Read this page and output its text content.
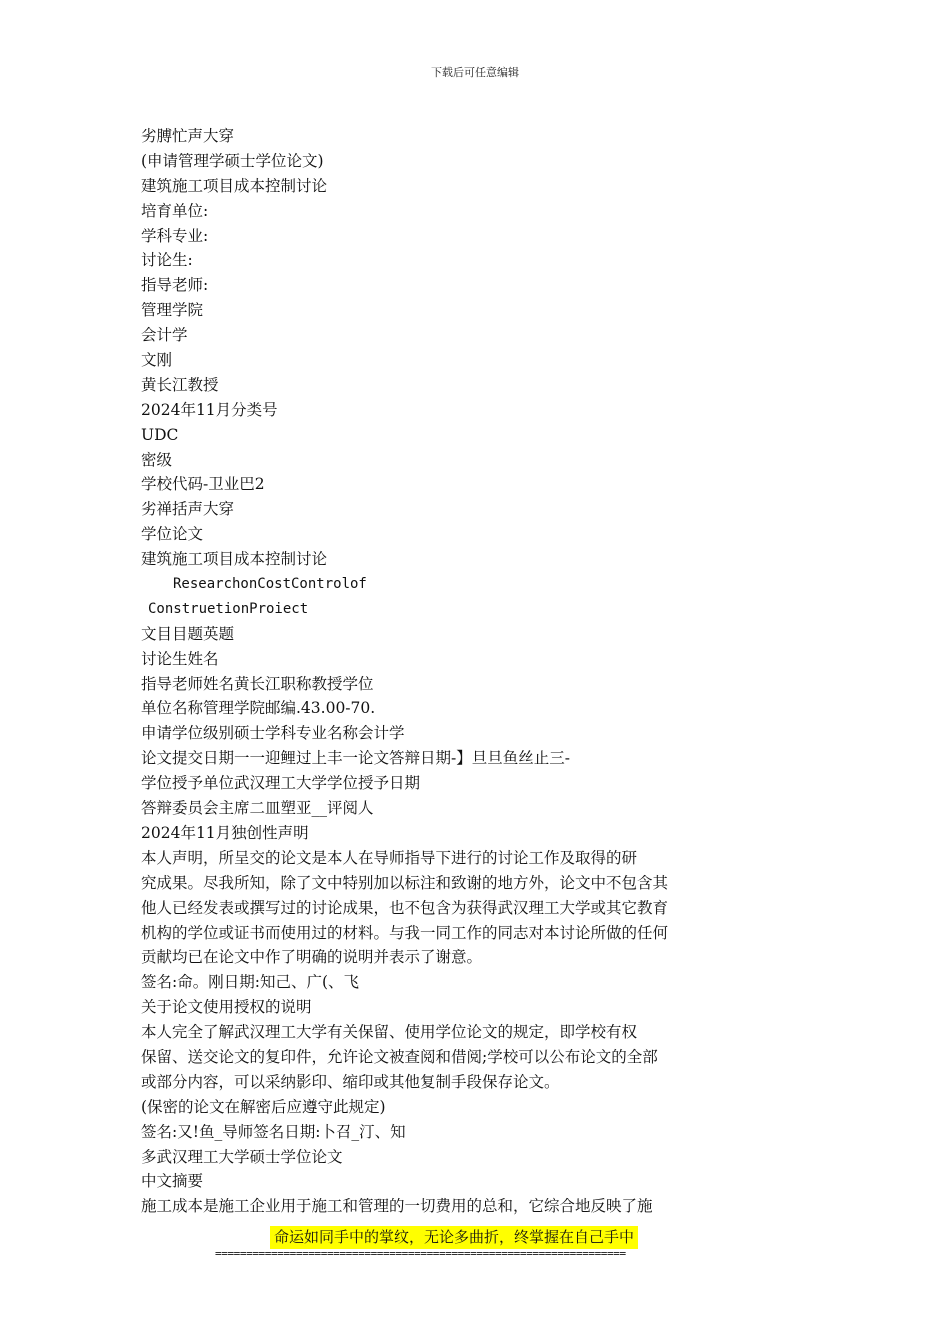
下载后可任意编辑
劣膊忙声大穿
(申请管理学硕士学位论文)
建筑施工项目成本控制讨论
培育单位:
学科专业:
讨论生:
指导老师:
管理学院
会计学
文刚
黄长江教授
2024年11月分类号
UDC
密级
学校代码-卫业巴2
劣禅括声大穿
学位论文
建筑施工项目成本控制讨论
ResearchonCostControlof
ConstruetionProiect
文目目题英题
讨论生姓名
指导老师姓名黄长江职称教授学位
单位名称管理学院邮编.43.00-70.
申请学位级别硕士学科专业名称会计学
论文提交日期一一迎鲤过上丰一论文答辩日期-】旦旦鱼丝止三-
学位授予单位武汉理工大学学位授予日期
答辩委员会主席二皿塑亚__评阅人
2024年11月独创性声明
本人声明，所呈交的论文是本人在导师指导下进行的讨论工作及取得的研
究成果。尽我所知，除了文中特别加以标注和致谢的地方外，论文中不包含其
他人已经发表或撰写过的讨论成果，也不包含为获得武汉理工大学或其它教育
机构的学位或证书而使用过的材料。与我一同工作的同志对本讨论所做的任何
贡献均已在论文中作了明确的说明并表示了谢意。
签名:命。刚日期:知己、广(、飞
关于论文使用授权的说明
本人完全了解武汉理工大学有关保留、使用学位论文的规定，即学校有权
保留、送交论文的复印件，允许论文被查阅和借阅;学校可以公布论文的全部
或部分内容，可以采纳影印、缩印或其他复制手段保存论文。
(保密的论文在解密后应遵守此规定)
签名:又!鱼_导师签名日期:卜召_汀、知
多武汉理工大学硕士学位论文
中文摘要
施工成本是施工企业用于施工和管理的一切费用的总和，它综合地反映了施
命运如同手中的掌纹，无论多曲折，终掌握在自己手中
==================================================================
